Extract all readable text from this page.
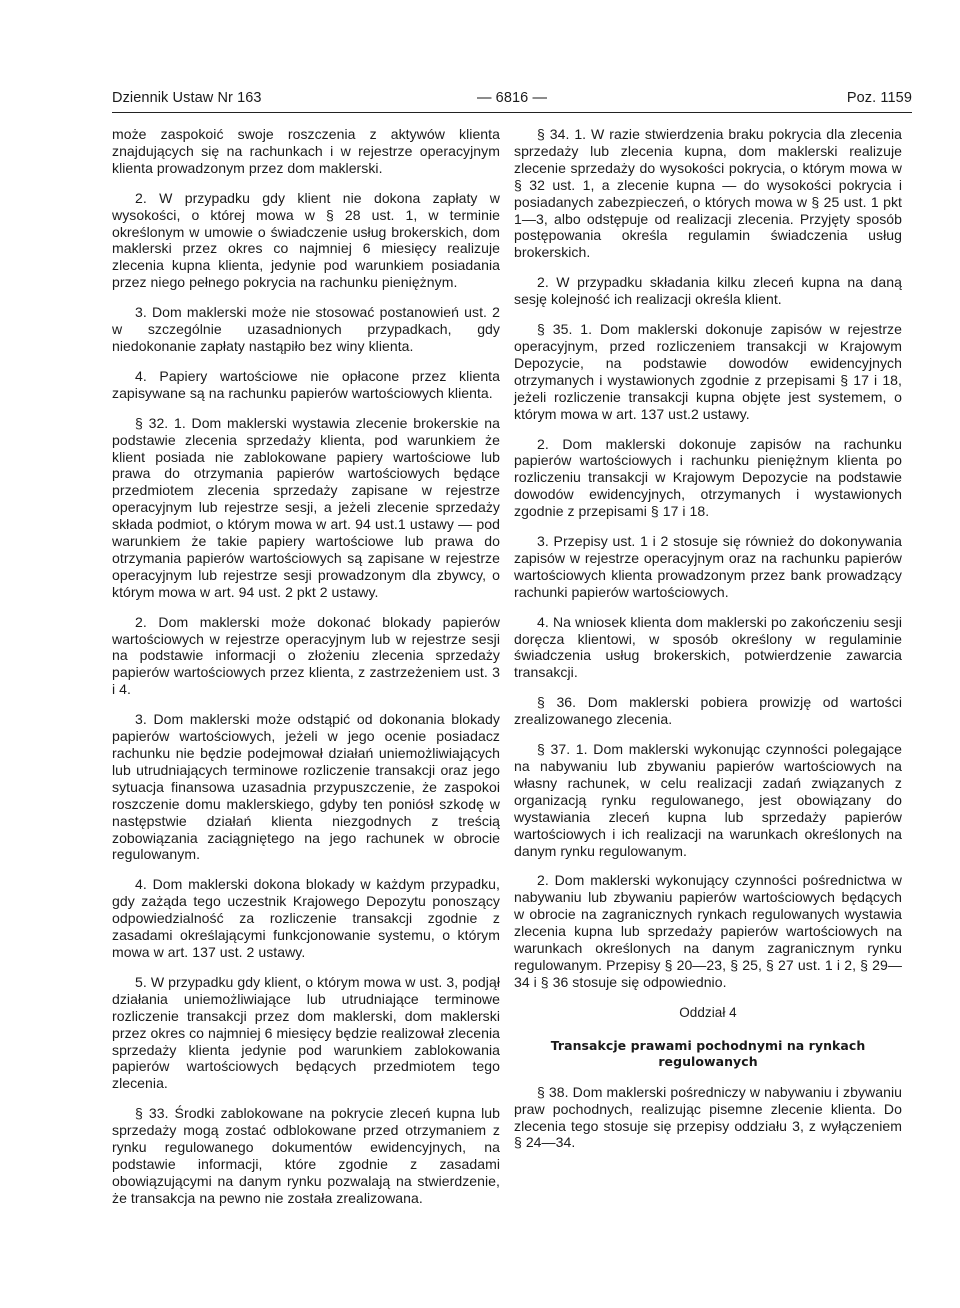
Dziennik Ustaw Nr 163	— 6816 —	Poz. 1159

może zaspokoić swoje roszczenia z aktywów klienta znajdujących się na rachunkach i w rejestrze operacyjnym klienta prowadzonym przez dom maklerski.

2. W przypadku gdy klient nie dokona zapłaty w wysokości, o której mowa w § 28 ust. 1, w terminie określonym w umowie o świadczenie usług brokerskich, dom maklerski przez okres co najmniej 6 miesięcy realizuje zlecenia kupna klienta, jedynie pod warunkiem posiadania przez niego pełnego pokrycia na rachunku pieniężnym.

3. Dom maklerski może nie stosować postanowień ust. 2 w szczególnie uzasadnionych przypadkach, gdy niedokonanie zapłaty nastąpiło bez winy klienta.

4. Papiery wartościowe nie opłacone przez klienta zapisywane są na rachunku papierów wartościowych klienta.

§ 32. 1. Dom maklerski wystawia zlecenie brokerskie na podstawie zlecenia sprzedaży klienta, pod warunkiem że klient posiada nie zablokowane papiery wartościowe lub prawa do otrzymania papierów wartościowych będące przedmiotem zlecenia sprzedaży zapisane w rejestrze operacyjnym lub rejestrze sesji, a jeżeli zlecenie sprzedaży składa podmiot, o którym mowa w art. 94 ust.1 ustawy — pod warunkiem że takie papiery wartościowe lub prawa do otrzymania papierów wartościowych są zapisane w rejestrze operacyjnym lub rejestrze sesji prowadzonym dla zbywcy, o którym mowa w art. 94 ust. 2 pkt 2 ustawy.

2. Dom maklerski może dokonać blokady papierów wartościowych w rejestrze operacyjnym lub w rejestrze sesji na podstawie informacji o złożeniu zlecenia sprzedaży papierów wartościowych przez klienta, z zastrzeżeniem ust. 3 i 4.

3. Dom maklerski może odstąpić od dokonania blokady papierów wartościowych, jeżeli w jego ocenie posiadacz rachunku nie będzie podejmował działań uniemożliwiających lub utrudniających terminowe rozliczenie transakcji oraz jego sytuacja finansowa uzasadnia przypuszczenie, że zaspokoi roszczenie domu maklerskiego, gdyby ten poniósł szkodę w następstwie działań klienta niezgodnych z treścią zobowiązania zaciągniętego na jego rachunek w obrocie regulowanym.

4. Dom maklerski dokona blokady w każdym przypadku, gdy zażąda tego uczestnik Krajowego Depozytu ponoszący odpowiedzialność za rozliczenie transakcji zgodnie z zasadami określającymi funkcjonowanie systemu, o którym mowa w art. 137 ust. 2 ustawy.

5. W przypadku gdy klient, o którym mowa w ust. 3, podjął działania uniemożliwiające lub utrudniające terminowe rozliczenie transakcji przez dom maklerski, dom maklerski przez okres co najmniej 6 miesięcy będzie realizował zlecenia sprzedaży klienta jedynie pod warunkiem zablokowania papierów wartościowych będących przedmiotem tego zlecenia.

§ 33. Środki zablokowane na pokrycie zleceń kupna lub sprzedaży mogą zostać odblokowane przed otrzymaniem z rynku regulowanego dokumentów ewidencyjnych, na podstawie informacji, które zgodnie z zasadami obowiązującymi na danym rynku pozwalają na stwierdzenie, że transakcja na pewno nie została zrealizowana.

§ 34. 1. W razie stwierdzenia braku pokrycia dla zlecenia sprzedaży lub zlecenia kupna, dom maklerski realizuje zlecenie sprzedaży do wysokości pokrycia, o którym mowa w § 32 ust. 1, a zlecenie kupna — do wysokości pokrycia i posiadanych zabezpieczeń, o których mowa w § 25 ust. 1 pkt 1—3, albo odstępuje od realizacji zlecenia. Przyjęty sposób postępowania określa regulamin świadczenia usług brokerskich.

2. W przypadku składania kilku zleceń kupna na daną sesję kolejność ich realizacji określa klient.

§ 35. 1. Dom maklerski dokonuje zapisów w rejestrze operacyjnym, przed rozliczeniem transakcji w Krajowym Depozycie, na podstawie dowodów ewidencyjnych otrzymanych i wystawionych zgodnie z przepisami § 17 i 18, jeżeli rozliczenie transakcji kupna objęte jest systemem, o którym mowa w art. 137 ust.2 ustawy.

2. Dom maklerski dokonuje zapisów na rachunku papierów wartościowych i rachunku pieniężnym klienta po rozliczeniu transakcji w Krajowym Depozycie na podstawie dowodów ewidencyjnych, otrzymanych i wystawionych zgodnie z przepisami § 17 i 18.

3. Przepisy ust. 1 i 2 stosuje się również do dokonywania zapisów w rejestrze operacyjnym oraz na rachunku papierów wartościowych klienta prowadzonym przez bank prowadzący rachunki papierów wartościowych.

4. Na wniosek klienta dom maklerski po zakończeniu sesji doręcza klientowi, w sposób określony w regulaminie świadczenia usług brokerskich, potwierdzenie zawarcia transakcji.

§ 36. Dom maklerski pobiera prowizję od wartości zrealizowanego zlecenia.

§ 37. 1. Dom maklerski wykonując czynności polegające na nabywaniu lub zbywaniu papierów wartościowych na własny rachunek, w celu realizacji zadań związanych z organizacją rynku regulowanego, jest obowiązany do wystawiania zleceń kupna lub sprzedaży papierów wartościowych i ich realizacji na warunkach określonych na danym rynku regulowanym.

2. Dom maklerski wykonujący czynności pośrednictwa w nabywaniu lub zbywaniu papierów wartościowych będących w obrocie na zagranicznych rynkach regulowanych wystawia zlecenia kupna lub sprzedaży papierów wartościowych na warunkach określonych na danym zagranicznym rynku regulowanym. Przepisy § 20—23, § 25, § 27 ust. 1 i 2, § 29—34 i § 36 stosuje się odpowiednio.

Oddział 4

Transakcje prawami pochodnymi na rynkach regulowanych

§ 38. Dom maklerski pośredniczy w nabywaniu i zbywaniu praw pochodnych, realizując pisemne zlecenie klienta. Do zlecenia tego stosuje się przepisy oddziału 3, z wyłączeniem § 24—34.
